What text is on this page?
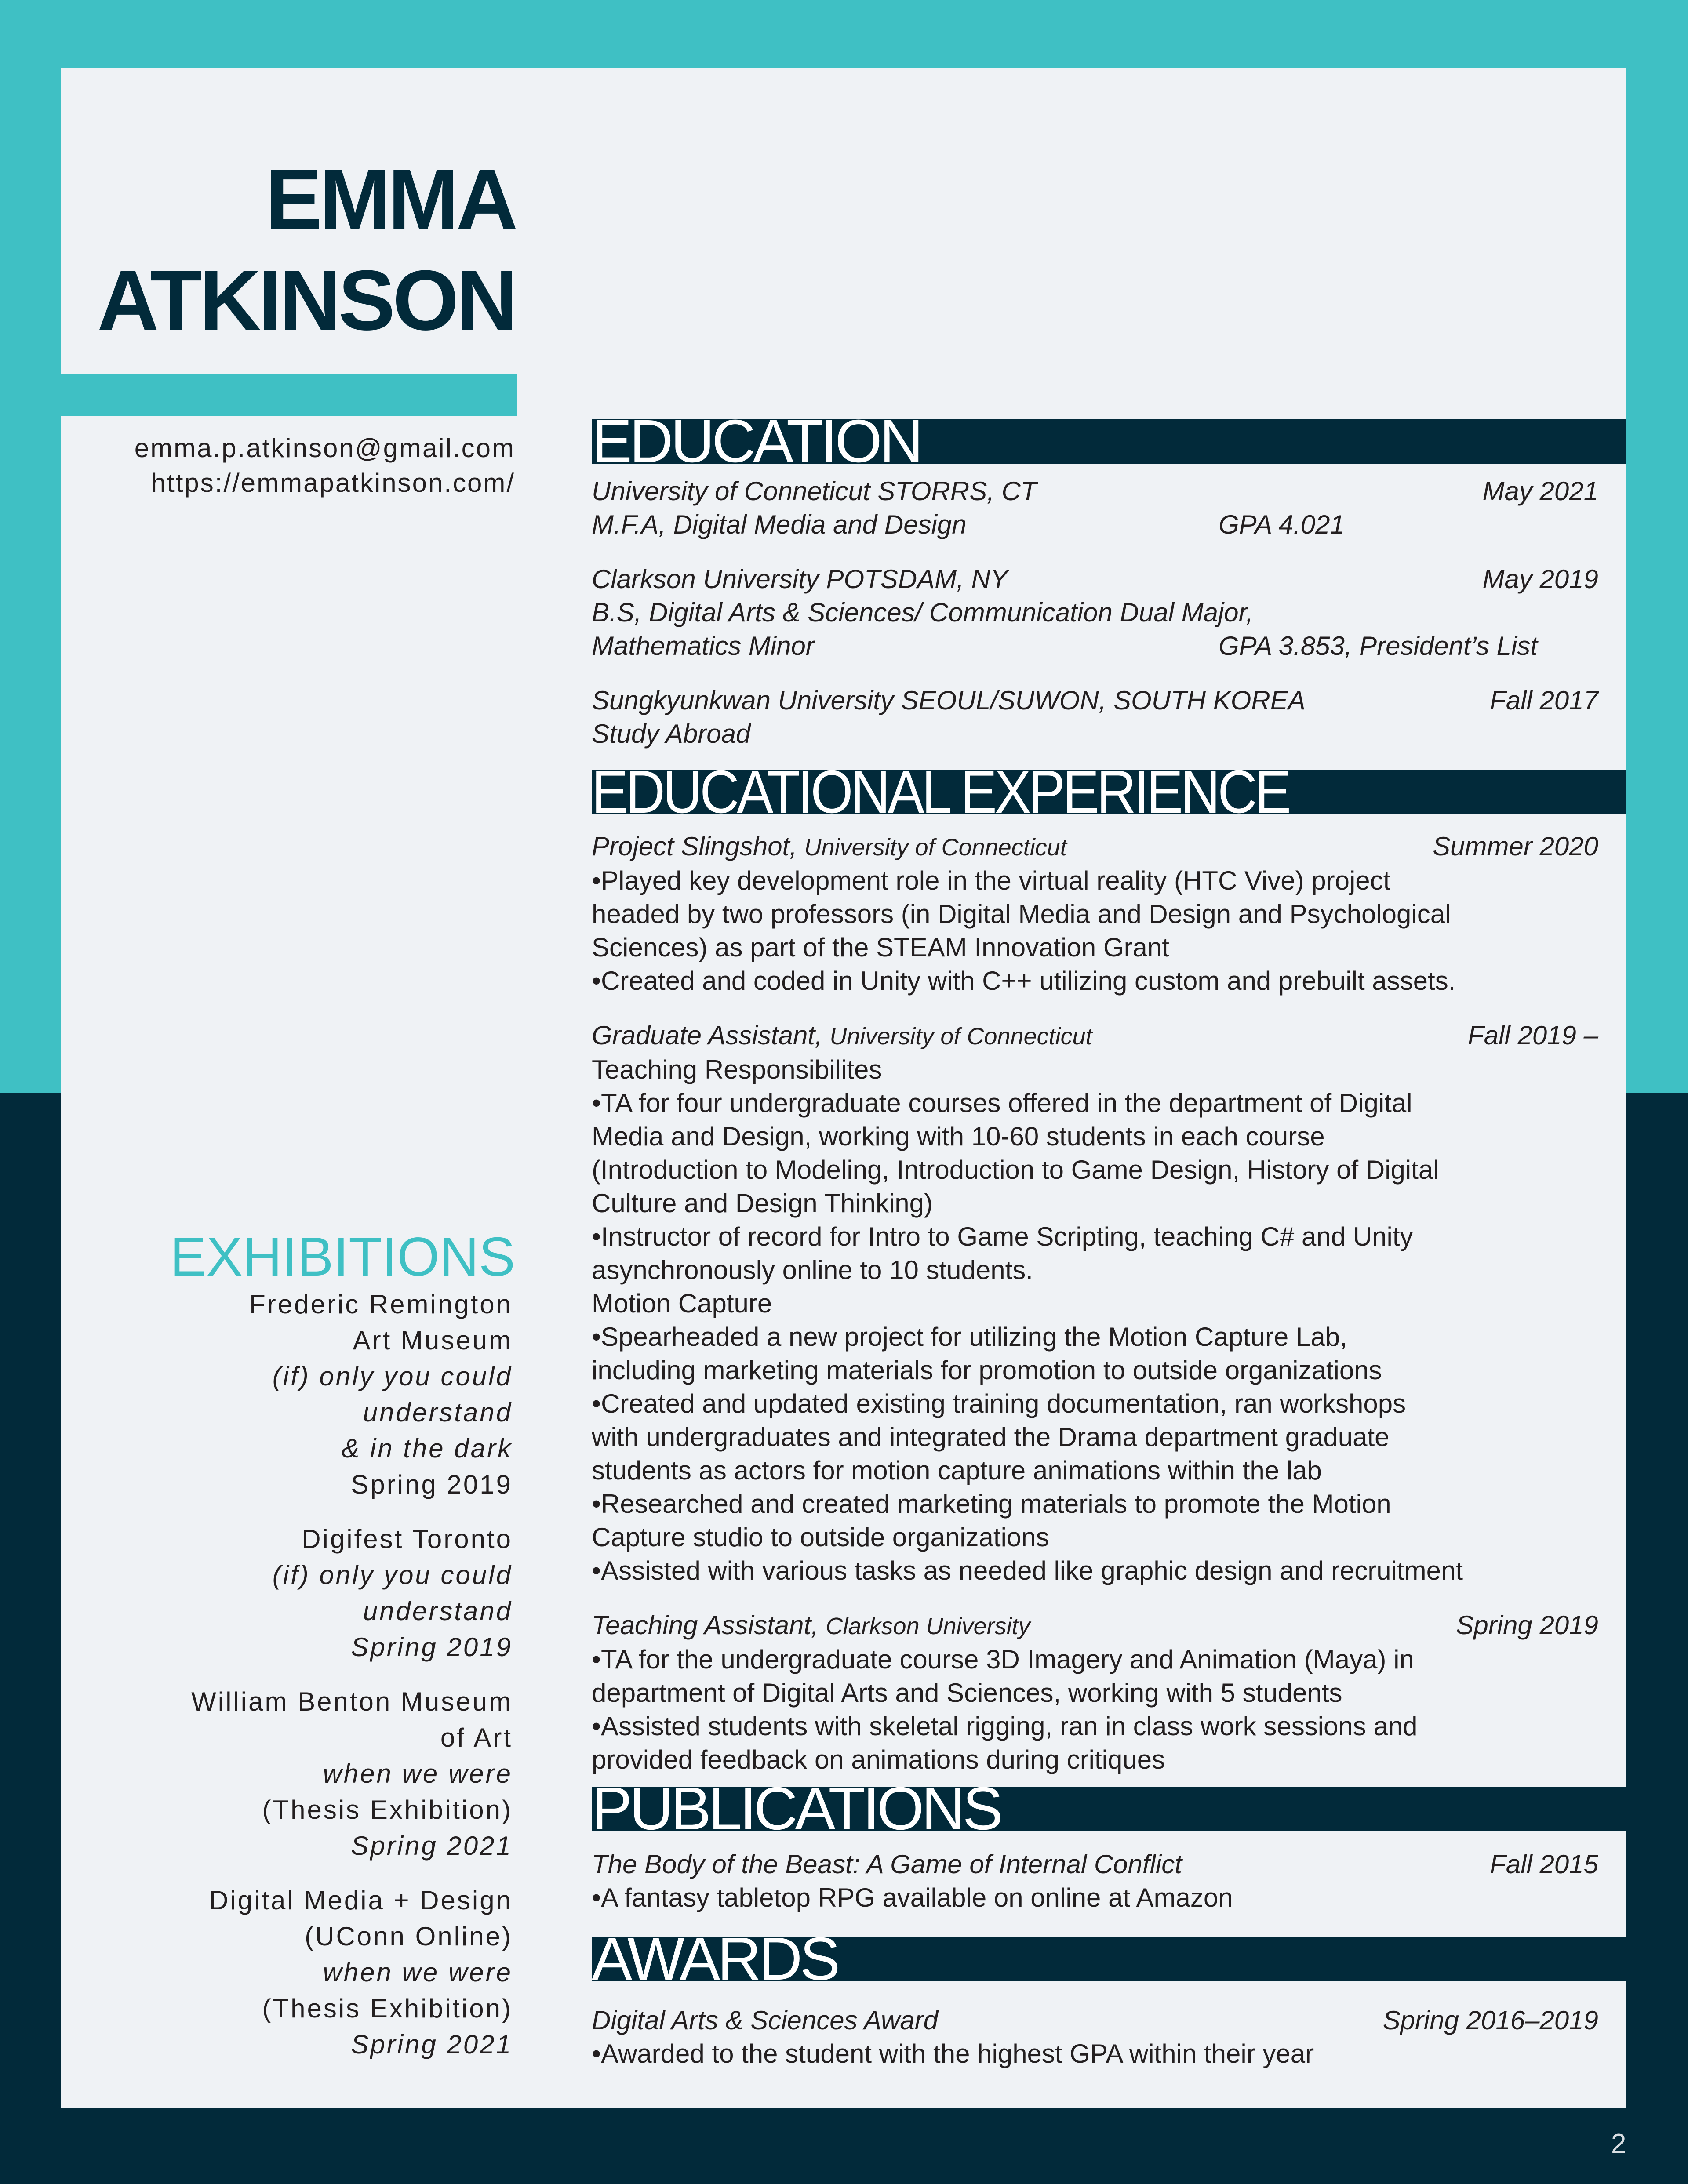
EMMA
ATKINSON
emma.p.atkinson@gmail.com
https://emmapatkinson.com/
EXHIBITIONS
Frederic Remington
Art Museum
(if) only you could
understand
& in the dark
Spring 2019
Digifest Toronto
(if) only you could
understand
Spring 2019
William Benton Museum
of Art
when we were
(Thesis Exhibition)
Spring 2021
Digital Media + Design
(UConn Online)
when we were
(Thesis Exhibition)
Spring 2021
EDUCATION
University of Conneticut STORRS, CT	May 2021
M.F.A, Digital Media and Design	GPA 4.021
Clarkson University POTSDAM, NY	May 2019
B.S, Digital Arts & Sciences/ Communication Dual Major,
Mathematics Minor	GPA 3.853, President’s List
Sungkyunkwan University SEOUL/SUWON, SOUTH KOREA	Fall 2017
Study Abroad
EDUCATIONAL EXPERIENCE
Project Slingshot, University of Connecticut	Summer 2020
•Played key development role in the virtual reality (HTC Vive) project
headed by two professors (in Digital Media and Design and Psychological
Sciences) as part of the STEAM Innovation Grant
•Created and coded in Unity with C++ utilizing custom and prebuilt assets.
Graduate Assistant, University of Connecticut	Fall 2019 –
Teaching Responsibilites
•TA for four undergraduate courses offered in the department of Digital
Media and Design, working with 10-60 students in each course
(Introduction to Modeling, Introduction to Game Design, History of Digital
Culture and Design Thinking)
•Instructor of record for Intro to Game Scripting, teaching C# and Unity
asynchronously online to 10 students.
Motion Capture
•Spearheaded a new project for utilizing the Motion Capture Lab,
including marketing materials for promotion to outside organizations
•Created and updated existing training documentation, ran workshops
with undergraduates and integrated the Drama department graduate
students as actors for motion capture animations within the lab
•Researched and created marketing materials to promote the Motion
Capture studio to outside organizations
•Assisted with various tasks as needed like graphic design and recruitment
Teaching Assistant, Clarkson University	Spring 2019
•TA for the undergraduate course 3D Imagery and Animation (Maya) in
department of Digital Arts and Sciences, working with 5 students
•Assisted students with skeletal rigging, ran in class work sessions and
provided feedback on animations during critiques
PUBLICATIONS
The Body of the Beast: A Game of Internal Conflict	Fall 2015
•A fantasy tabletop RPG available on online at Amazon
AWARDS
Digital Arts & Sciences Award	Spring 2016–2019
•Awarded to the student with the highest GPA within their year
2
